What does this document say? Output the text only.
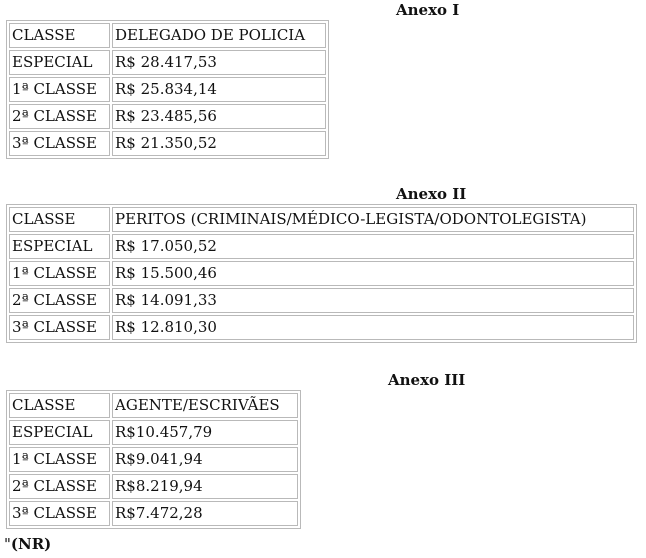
Anexo I
CLASSE	DELEGADO DE POLICIA
ESPECIAL	R$ 28.417,53
1ª CLASSE	R$ 25.834,14
2ª CLASSE	R$ 23.485,56
3ª CLASSE	R$ 21.350,52
Anexo II
CLASSE	PERITOS (CRIMINAIS/MÉDICO-LEGISTA/ODONTOLEGISTA)
ESPECIAL	R$ 17.050,52
1ª CLASSE	R$ 15.500,46
2ª CLASSE	R$ 14.091,33
3ª CLASSE	R$ 12.810,30
Anexo III
CLASSE	AGENTE/ESCRIVÃES
ESPECIAL	R$10.457,79
1ª CLASSE	R$9.041,94
2ª CLASSE	R$8.219,94
3ª CLASSE	R$7.472,28
"(NR)
